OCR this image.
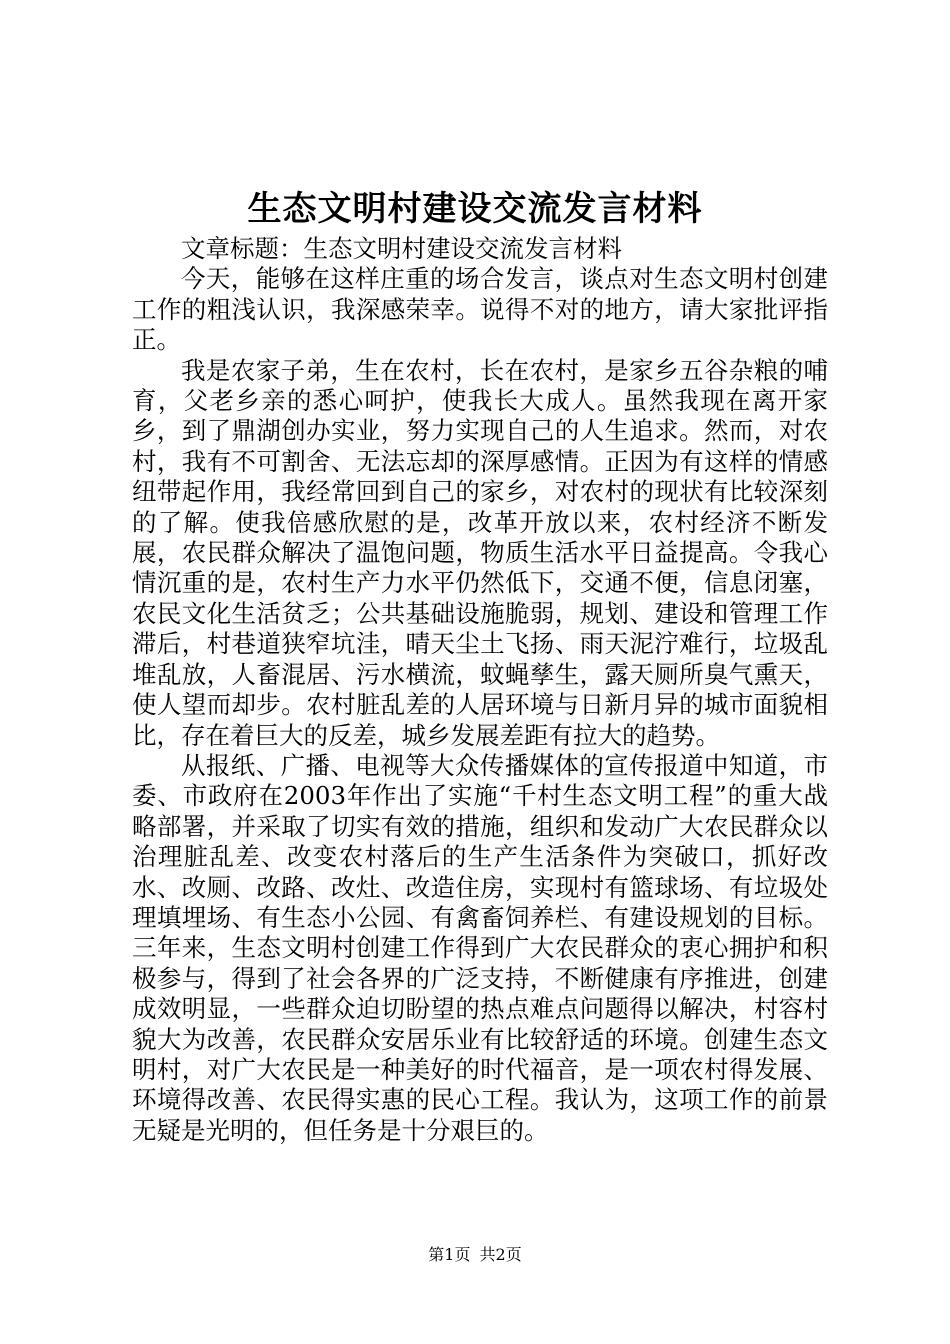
生态文明村建设交流发言材料

文章标题：生态文明村建设交流发言材料

今天，能够在这样庄重的场合发言，谈点对生态文明村创建工作的粗浅认识，我深感荣幸。说得不对的地方，请大家批评指正。

我是农家子弟，生在农村，长在农村，是家乡五谷杂粮的哺育，父老乡亲的悉心呵护，使我长大成人。虽然我现在离开家乡，到了鼎湖创办实业，努力实现自己的人生追求。然而，对农村，我有不可割舍、无法忘却的深厚感情。正因为有这样的情感纽带起作用，我经常回到自己的家乡，对农村的现状有比较深刻的了解。使我倍感欣慰的是，改革开放以来，农村经济不断发展，农民群众解决了温饱问题，物质生活水平日益提高。令我心情沉重的是，农村生产力水平仍然低下，交通不便，信息闭塞，农民文化生活贫乏；公共基础设施脆弱，规划、建设和管理工作滞后，村巷道狭窄坑洼，晴天尘土飞扬、雨天泥泞难行，垃圾乱堆乱放，人畜混居、污水横流，蚊蝇孳生，露天厕所臭气熏天，使人望而却步。农村脏乱差的人居环境与日新月异的城市面貌相比，存在着巨大的反差，城乡发展差距有拉大的趋势。

从报纸、广播、电视等大众传播媒体的宣传报道中知道，市委、市政府在2003年作出了实施“千村生态文明工程”的重大战略部署，并采取了切实有效的措施，组织和发动广大农民群众以治理脏乱差、改变农村落后的生产生活条件为突破口，抓好改水、改厕、改路、改灶、改造住房，实现村有篮球场、有垃圾处理填埋场、有生态小公园、有禽畜饲养栏、有建设规划的目标。三年来，生态文明村创建工作得到广大农民群众的衷心拥护和积极参与，得到了社会各界的广泛支持，不断健康有序推进，创建成效明显，一些群众迫切盼望的热点难点问题得以解决，村容村貌大为改善，农民群众安居乐业有比较舒适的环境。创建生态文明村，对广大农民是一种美好的时代福音，是一项农村得发展、环境得改善、农民得实惠的民心工程。我认为，这项工作的前景无疑是光明的，但任务是十分艰巨的。

第1页 共2页
